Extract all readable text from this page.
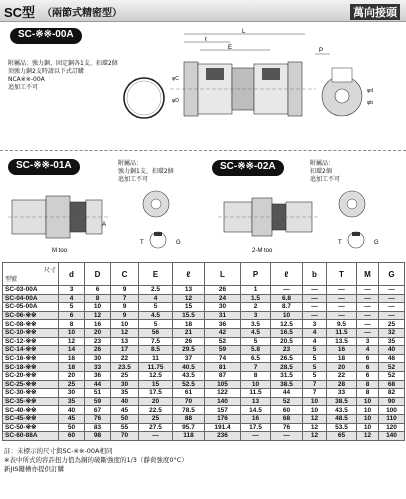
SC型 （兩節式精密型）	萬向接頭
SC-※※-00A
附屬品：強力銅、固定銅各1支、扣環2個
須強力銅2支時請以下式訂購
NCA※※-00A
追加工不可
L
ℓ
E	P
φC
φD
φd
φb
SC-※※-01A	附屬品：
強力銅1支、扣環2個
追加工不可
M too
A
T	G
SC-※※-02A	附屬品：
扣環2個
追加工不可
2-M too
T	G
尺寸
型號	d	D	C	E	ℓ	L	P	ℓ	b	T	M	G
SC-03-00A	3	6	9	2.5	13	26	1	—	—	—	—	—
SC-04-00A	4	8	7	4	12	24	1.5	6.8	—	—	—	—
SC-05-00A	5	10	9	5	15	30	2	8.7	—	—	—	—
SC-06-※※	6	12	9	4.5	15.5	31	3	10	—	—	—	—
SC-08-※※	8	16	10	5	18	36	3.5	12.5	3	9.5	—	25
SC-10-※※	10	20	12	56	21	42	4.5	16.5	4	11.5	—	32
SC-12-※※	12	23	13	7.5	26	52	5	20.5	4	13.5	3	35
SC-14-※※	14	26	17	8.5	29.5	59	5.8	23	5	16	4	40
SC-16-※※	16	30	22	11	37	74	6.5	26.5	5	18	6	46
SC-18-※※	18	33	23.5	11.75	40.5	81	7	28.5	5	20	6	52
SC-20-※※	20	36	25	12.5	43.5	87	8	31.5	5	22	6	52
SC-25-※※	25	44	30	15	52.5	105	10	38.5	7	28	8	68
SC-30-※※	30	51	35	17.5	61	122	11.5	44	7	33	8	82
SC-35-※※	35	59	40	20	70	140	13	52	10	38.5	10	90
SC-40-※※	40	67	45	22.5	78.5	157	14.5	60	10	43.5	10	100
SC-45-※※	45	76	50	25	88	176	16	68	12	48.5	10	110
SC-50-※※	50	83	55	27.5	95.7	191.4	17.5	76	12	53.5	10	120
SC-60-88A	60	98	70	—	118	236	—	—	12	65	12	140
註：未標示的尺寸與SC-※※-00A相同
※表中所式的容許扭力值為銅的破斷強度的1/3（靜荷強度0°C）
新JIS鍵槽亦提供訂購
